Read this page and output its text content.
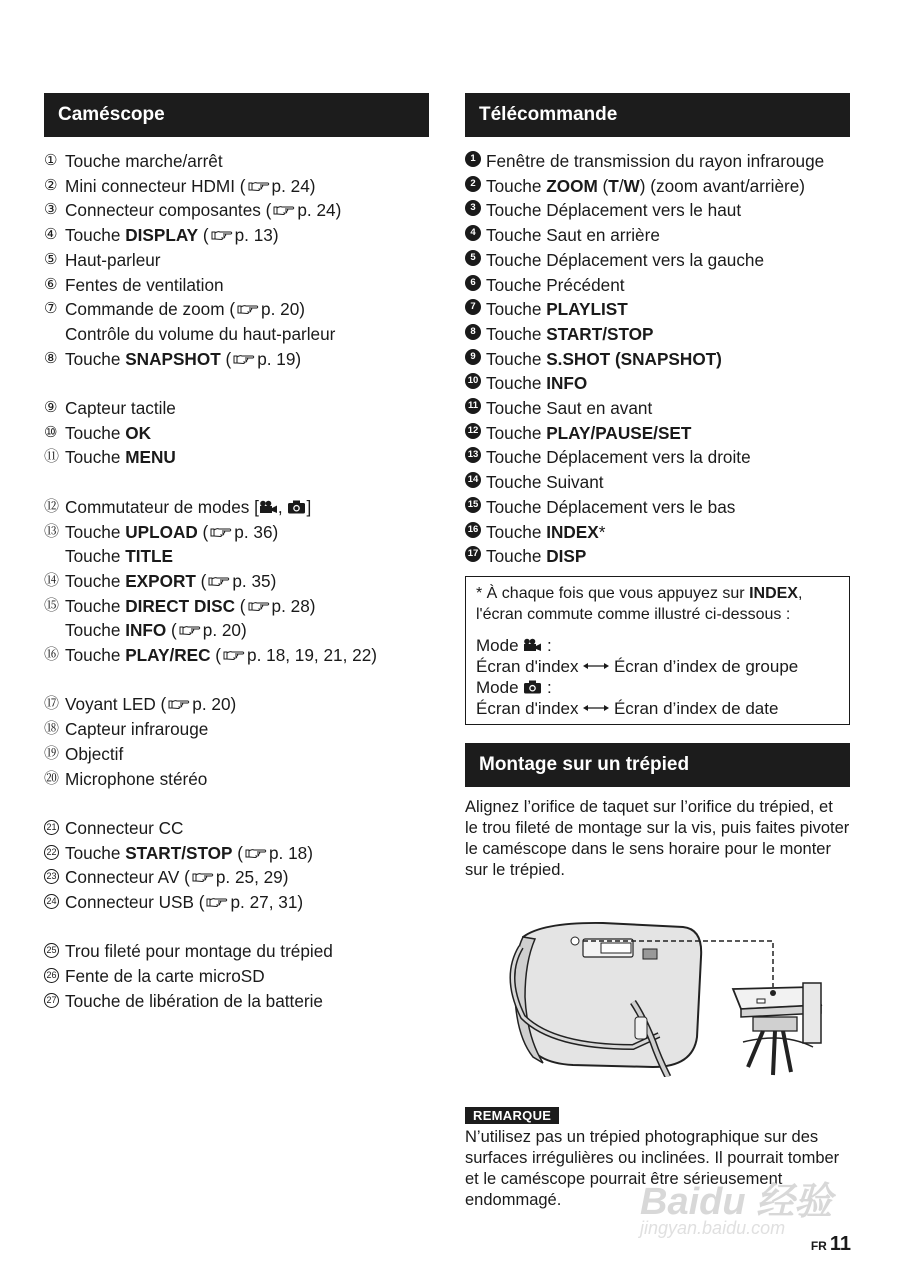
Caméscope
① Touche marche/arrêt
② Mini connecteur HDMI ( p. 24)
③ Connecteur composantes ( p. 24)
④ Touche DISPLAY ( p. 13)
⑤ Haut-parleur
⑥ Fentes de ventilation
⑦ Commande de zoom ( p. 20)
Contrôle du volume du haut-parleur
⑧ Touche SNAPSHOT ( p. 19)
⑨ Capteur tactile
⑩ Touche OK
⑪ Touche MENU
⑫ Commutateur de modes [ , ]
⑬ Touche UPLOAD ( p. 36)
Touche TITLE
⑭ Touche EXPORT ( p. 35)
⑮ Touche DIRECT DISC ( p. 28)
Touche INFO ( p. 20)
⑯ Touche PLAY/REC ( p. 18, 19, 21, 22)
⑰ Voyant LED ( p. 20)
⑱ Capteur infrarouge
⑲ Objectif
⑳ Microphone stéréo
21 Connecteur CC
22 Touche START/STOP ( p. 18)
23 Connecteur AV ( p. 25, 29)
24 Connecteur USB ( p. 27, 31)
25 Trou fileté pour montage du trépied
26 Fente de la carte microSD
27 Touche de libération de la batterie
Télécommande
1 Fenêtre de transmission du rayon infrarouge
2 Touche ZOOM (T/W) (zoom avant/arrière)
3 Touche Déplacement vers le haut
4 Touche Saut en arrière
5 Touche Déplacement vers la gauche
6 Touche Précédent
7 Touche PLAYLIST
8 Touche START/STOP
9 Touche S.SHOT (SNAPSHOT)
10 Touche INFO
11 Touche Saut en avant
12 Touche PLAY/PAUSE/SET
13 Touche Déplacement vers la droite
14 Touche Suivant
15 Touche Déplacement vers le bas
16 Touche INDEX*
17 Touche DISP

* À chaque fois que vous appuyez sur INDEX,

l'écran commute comme illustré ci-dessous :

Mode :
Écran d'index Écran d’index de groupe
Mode :
Écran d'index Écran d’index de date
Montage sur un trépied
Alignez l’orifice de taquet sur l’orifice du trépied, et le trou fileté de montage sur la vis, puis faites pivoter le caméscope dans le sens horaire pour le monter sur le trépied.
REMARQUE
N’utilisez pas un trépied photographique sur des surfaces irrégulières ou inclinées. Il pourrait tomber et le caméscope pourrait être sérieusement endommagé.	Baidu 经验
jingyan.baidu.com
FR 11
